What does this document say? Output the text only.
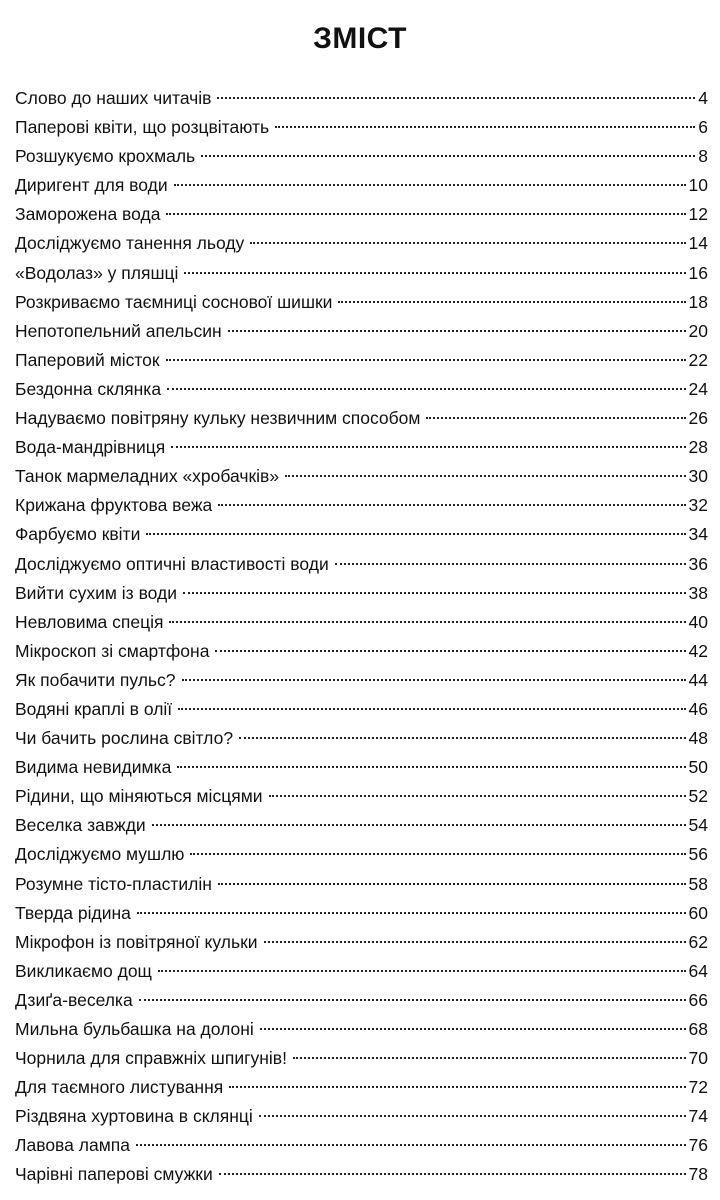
ЗМІСТ
Слово до наших читачів	4
Паперові квіти, що розцвітають	6
Розшукуємо крохмаль	8
Диригент для води	10
Заморожена вода	12
Досліджуємо танення льоду	14
«Водолаз» у пляшці	16
Розкриваємо таємниці соснової шишки	18
Непотопельний апельсин	20
Паперовий місток	22
Бездонна склянка	24
Надуваємо повітряну кульку незвичним способом	26
Вода-мандрівниця	28
Танок мармеладних «хробачків»	30
Крижана фруктова вежа	32
Фарбуємо квіти	34
Досліджуємо оптичні властивості води	36
Вийти сухим із води	38
Невловима спеція	40
Мікроскоп зі смартфона	42
Як побачити пульс?	44
Водяні краплі в олії	46
Чи бачить рослина світло?	48
Видима невидимка	50
Рідини, що міняються місцями	52
Веселка завжди	54
Досліджуємо мушлю	56
Розумне тісто-пластилін	58
Тверда рідина	60
Мікрофон із повітряної кульки	62
Викликаємо дощ	64
Дзиґа-веселка	66
Мильна бульбашка на долоні	68
Чорнила для справжніх шпигунів!	70
Для таємного листування	72
Різдвяна хуртовина в склянці	74
Лавова лампа	76
Чарівні паперові смужки	78
